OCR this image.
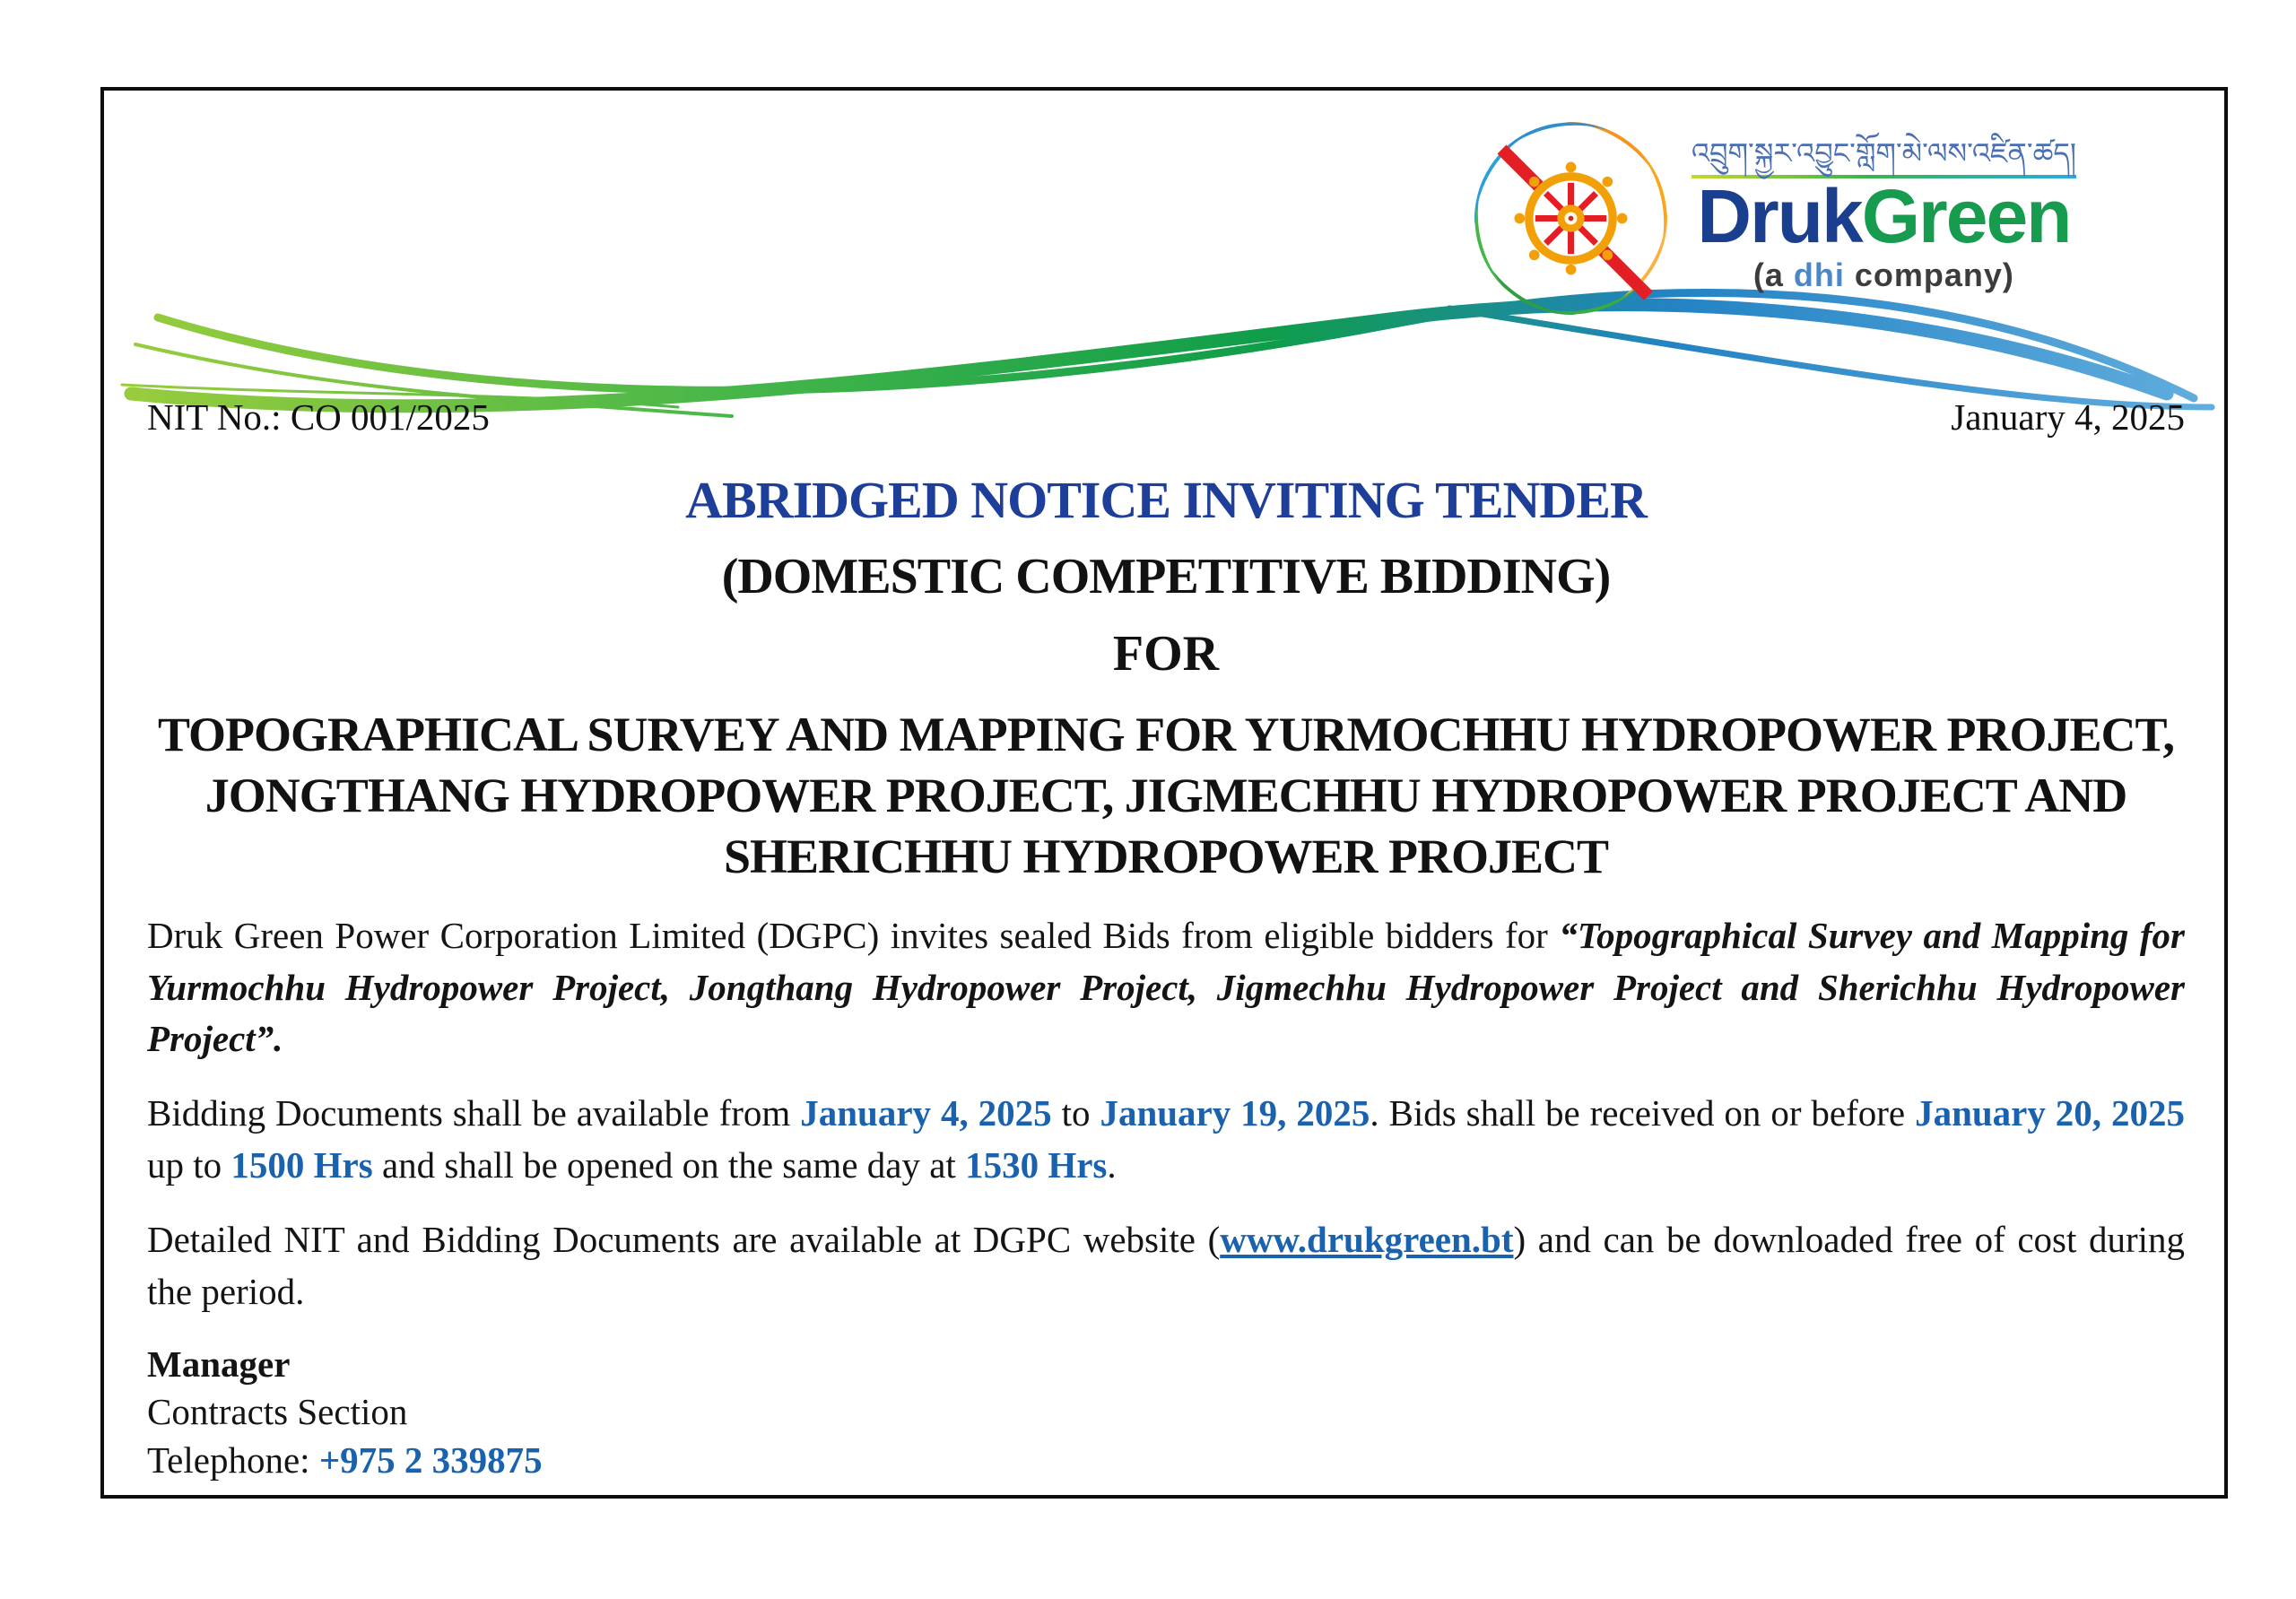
འབྲུག་སྐྱར་འབྱུང་གློག་མེ་ལས་འཛིན་ཚད།
DrukGreen
(a dhi company)
NIT No.: CO 001/2025	January 4, 2025
ABRIDGED NOTICE INVITING TENDER
(DOMESTIC COMPETITIVE BIDDING)
FOR
TOPOGRAPHICAL SURVEY AND MAPPING FOR YURMOCHHU HYDROPOWER PROJECT, JONGTHANG HYDROPOWER PROJECT, JIGMECHHU HYDROPOWER PROJECT AND SHERICHHU HYDROPOWER PROJECT
Druk Green Power Corporation Limited (DGPC) invites sealed Bids from eligible bidders for “Topographical Survey and Mapping for Yurmochhu Hydropower Project, Jongthang Hydropower Project, Jigmechhu Hydropower Project and Sherichhu Hydropower Project”.
Bidding Documents shall be available from January 4, 2025 to January 19, 2025. Bids shall be received on or before January 20, 2025 up to 1500 Hrs and shall be opened on the same day at 1530 Hrs.
Detailed NIT and Bidding Documents are available at DGPC website (www.drukgreen.bt) and can be downloaded free of cost during the period.
Manager
Contracts Section
Telephone: +975 2 339875
